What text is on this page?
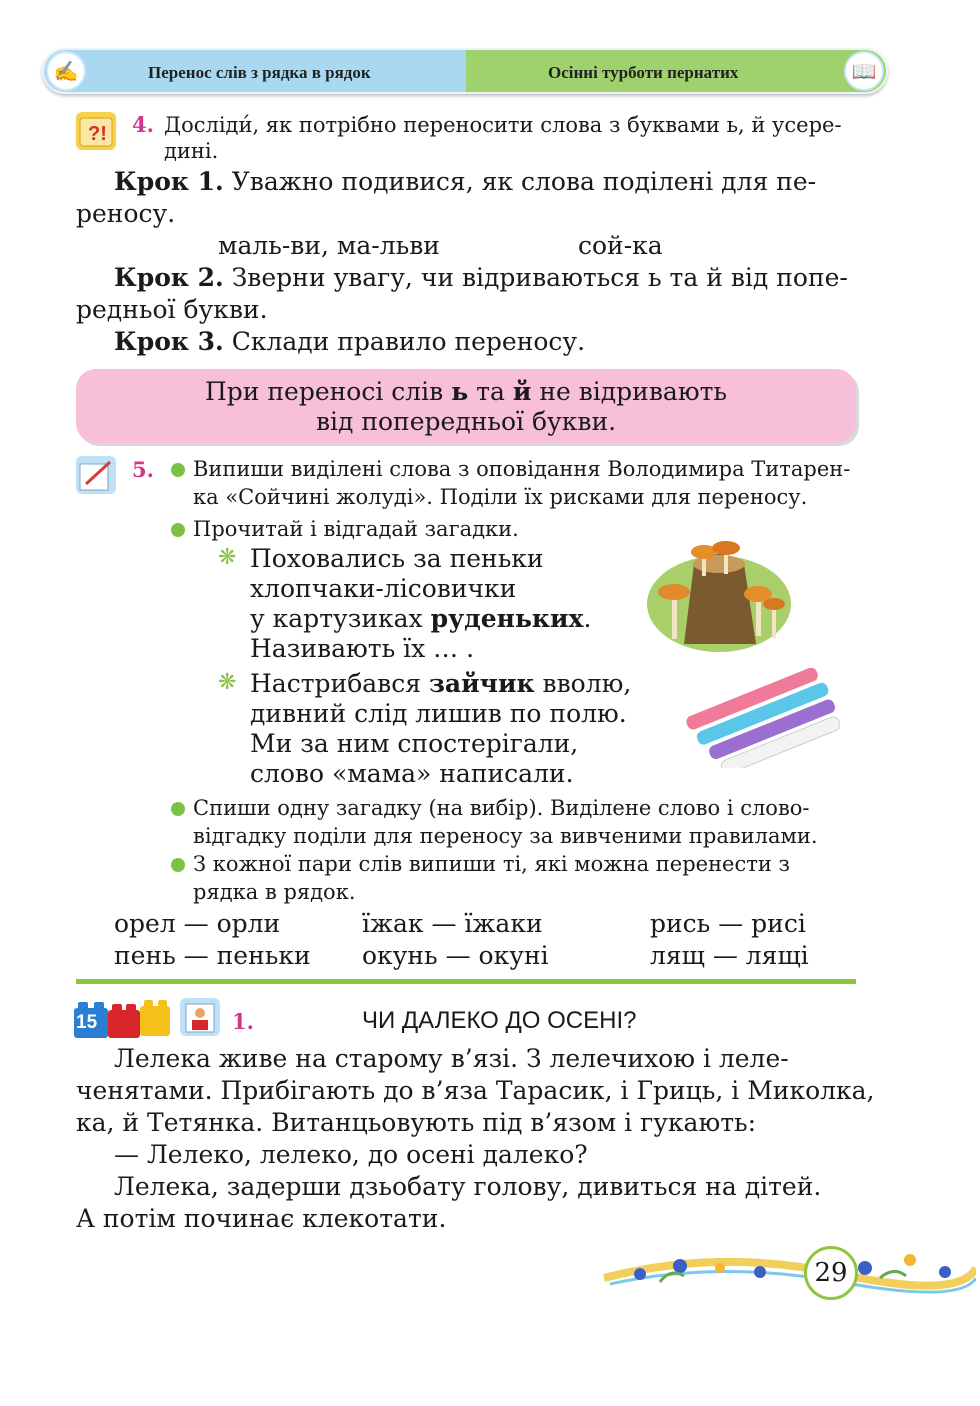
Перенос слів з рядка в рядок	Осінні турботи пернатих
✍	📖
?! 4. Досліди́, як потрібно переносити слова з буквами ь, й усере-
дині.
Крок 1. Уважно подивися, як слова поділені для пе-
реносу.
маль-ви, ма-льви	сой-ка
Крок 2. Зверни увагу, чи відриваються ь та й від попе-
редньої букви.
Крок 3. Склади правило переносу.
При переносі слів ь та й не відривають
від попередньої букви.
5. Випиши виділені слова з оповідання Володимира Титарен-
ка «Сойчині жолуді». Поділи їх рисками для переносу.
Прочитай і відгадай загадки.
❋ Поховались за пеньки
хлопчаки-лісовички
у картузиках руденьких.
Називають їх … .
❋ Настрибався зайчик вволю,
дивний слід лишив по полю.
Ми за ним спостерігали,
слово «мама» написали.
Спиши одну загадку (на вибір). Виділене слово і слово-
відгадку поділи для переносу за вивченими правилами.
З кожної пари слів випиши ті, які можна перенести з
рядка в рядок.
орел — орли	їжак — їжаки	рись — рисі
пень — пеньки окунь — окуні	лящ — лящі
15	1.	ЧИ ДАЛЕКО ДО ОСЕНІ?
Лелека живе на старому в’язі. З лелечихою і леле-
ченятами. Прибігають до в’яза Тарасик, і Гриць, і Миколка,
ка, й Тетянка. Витанцьовують під в’язом і гукають:
— Лелеко, лелеко, до осені далеко?
Лелека, задерши дзьобату голову, дивиться на дітей.
А потім починає клекотати.
29
